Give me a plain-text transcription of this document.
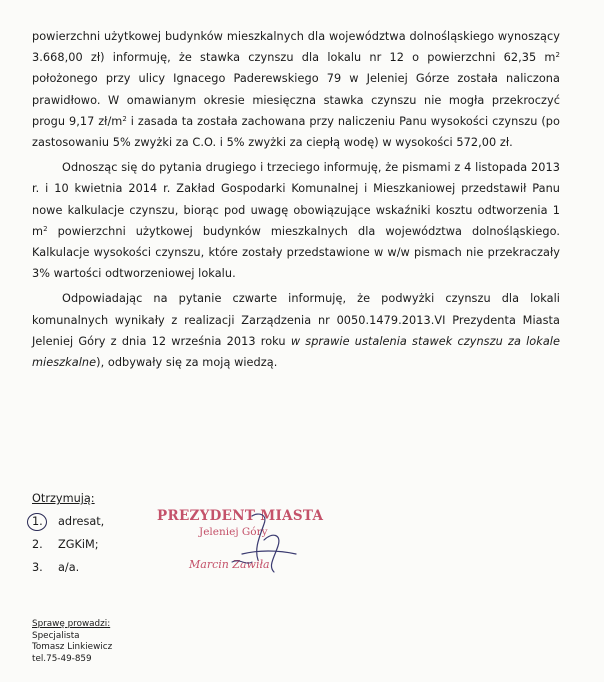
powierzchni użytkowej budynków mieszkalnych dla województwa dolnośląskiego wynoszący 3.668,00 zł) informuję, że stawka czynszu dla lokalu nr 12 o powierzchni 62,35 $m^2$ położonego przy ulicy Ignacego Paderewskiego 79 w Jeleniej Górze została naliczona prawidłowo. W omawianym okresie miesięczna stawka czynszu nie mogła przekroczyć progu 9,17 $zł/m^2$ i zasada ta została zachowana przy naliczeniu Panu wysokości czynszu (po zastosowaniu 5% zwyżki za C.O. i 5% zwyżki za ciepłą wodę) w wysokości 572,00 zł.

Odnosząc się do pytania drugiego i trzeciego informuję, że pismami z 4 listopada 2013 r. i 10 kwietnia 2014 r. Zakład Gospodarki Komunalnej i Mieszkaniowej przedstawił Panu nowe kalkulacje czynszu, biorąc pod uwagę obowiązujące wskaźniki kosztu odtworzenia 1 $m^2$ powierzchni użytkowej budynków mieszkalnych dla województwa dolnośląskiego. Kalkulacje wysokości czynszu, które zostały przedstawione w w/w pismach nie przekraczały 3% wartości odtworzeniowej lokalu.

Odpowiadając na pytanie czwarte informuję, że podwyżki czynszu dla lokali komunalnych wynikały z realizacji Zarządzenia nr 0050.1479.2013.VI Prezydenta Miasta Jeleniej Góry z dnia 12 września 2013 roku w sprawie ustalenia stawek czynszu za lokale mieszkalne), odbywały się za moją wiedzą.

Otrzymują:
1.	adresat,
2.	ZGKiM;
3.	a/a.
PREZYDENT MIASTA
Jeleniej Góry
Marcin Zawiła
Sprawę prowadzi:
Specjalista
Tomasz Linkiewicz
tel.75-49-859
